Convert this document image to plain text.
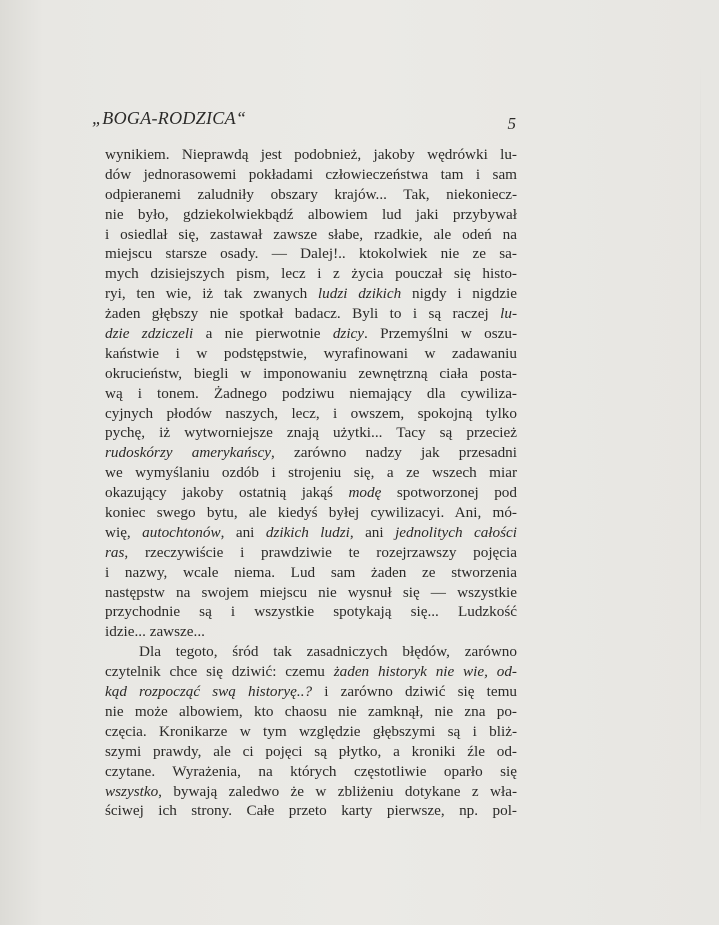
„BOGA-RODZICA“	5
wynikiem. Nieprawdą jest podobnież, jakoby wędrówki lu-
dów jednorasowemi pokładami człowieczeństwa tam i sam
odpieranemi zaludniły obszary krajów... Tak, niekoniecz-
nie było, gdziekolwiekbądź albowiem lud jaki przybywał
i osiedlał się, zastawał zawsze słabe, rzadkie, ale odeń na
miejscu starsze osady. — Dalej!.. ktokolwiek nie ze sa-
mych dzisiejszych pism, lecz i z życia pouczał się histo-
ryi, ten wie, iż tak zwanych ludzi dzikich nigdy i nigdzie
żaden głębszy nie spotkał badacz. Byli to i są raczej lu-
dzie zdziczeli a nie pierwotnie dzicy. Przemyślni w oszu-
kaństwie i w podstępstwie, wyrafinowani w zadawaniu
okrucieństw, biegli w imponowaniu zewnętrzną ciała posta-
wą i tonem. Żadnego podziwu niemający dla cywiliza-
cyjnych płodów naszych, lecz, i owszem, spokojną tylko
pychę, iż wytworniejsze znają użytki... Tacy są przecież
rudoskórzy amerykańscy, zarówno nadzy jak przesadni
we wymyślaniu ozdób i strojeniu się, a ze wszech miar
okazujący jakoby ostatnią jakąś modę spotworzonej pod
koniec swego bytu, ale kiedyś byłej cywilizacyi. Ani, mó-
wię, autochtonów, ani dzikich ludzi, ani jednolitych całości
ras, rzeczywiście i prawdziwie te rozejrzawszy pojęcia
i nazwy, wcale niema. Lud sam żaden ze stworzenia
następstw na swojem miejscu nie wysnuł się — wszystkie
przychodnie są i wszystkie spotykają się... Ludzkość
idzie... zawsze...
Dla tegoto, śród tak zasadniczych błędów, zarówno
czytelnik chce się dziwić: czemu żaden historyk nie wie, od-
kąd rozpocząć swą historyę..? i zarówno dziwić się temu
nie może albowiem, kto chaosu nie zamknął, nie zna po-
częcia. Kronikarze w tym względzie głębszymi są i bliż-
szymi prawdy, ale ci pojęci są płytko, a kroniki źle od-
czytane. Wyrażenia, na których częstotliwie oparło się
wszystko, bywają zaledwo że w zbliżeniu dotykane z wła-
ściwej ich strony. Całe przeto karty pierwsze, np. pol-
